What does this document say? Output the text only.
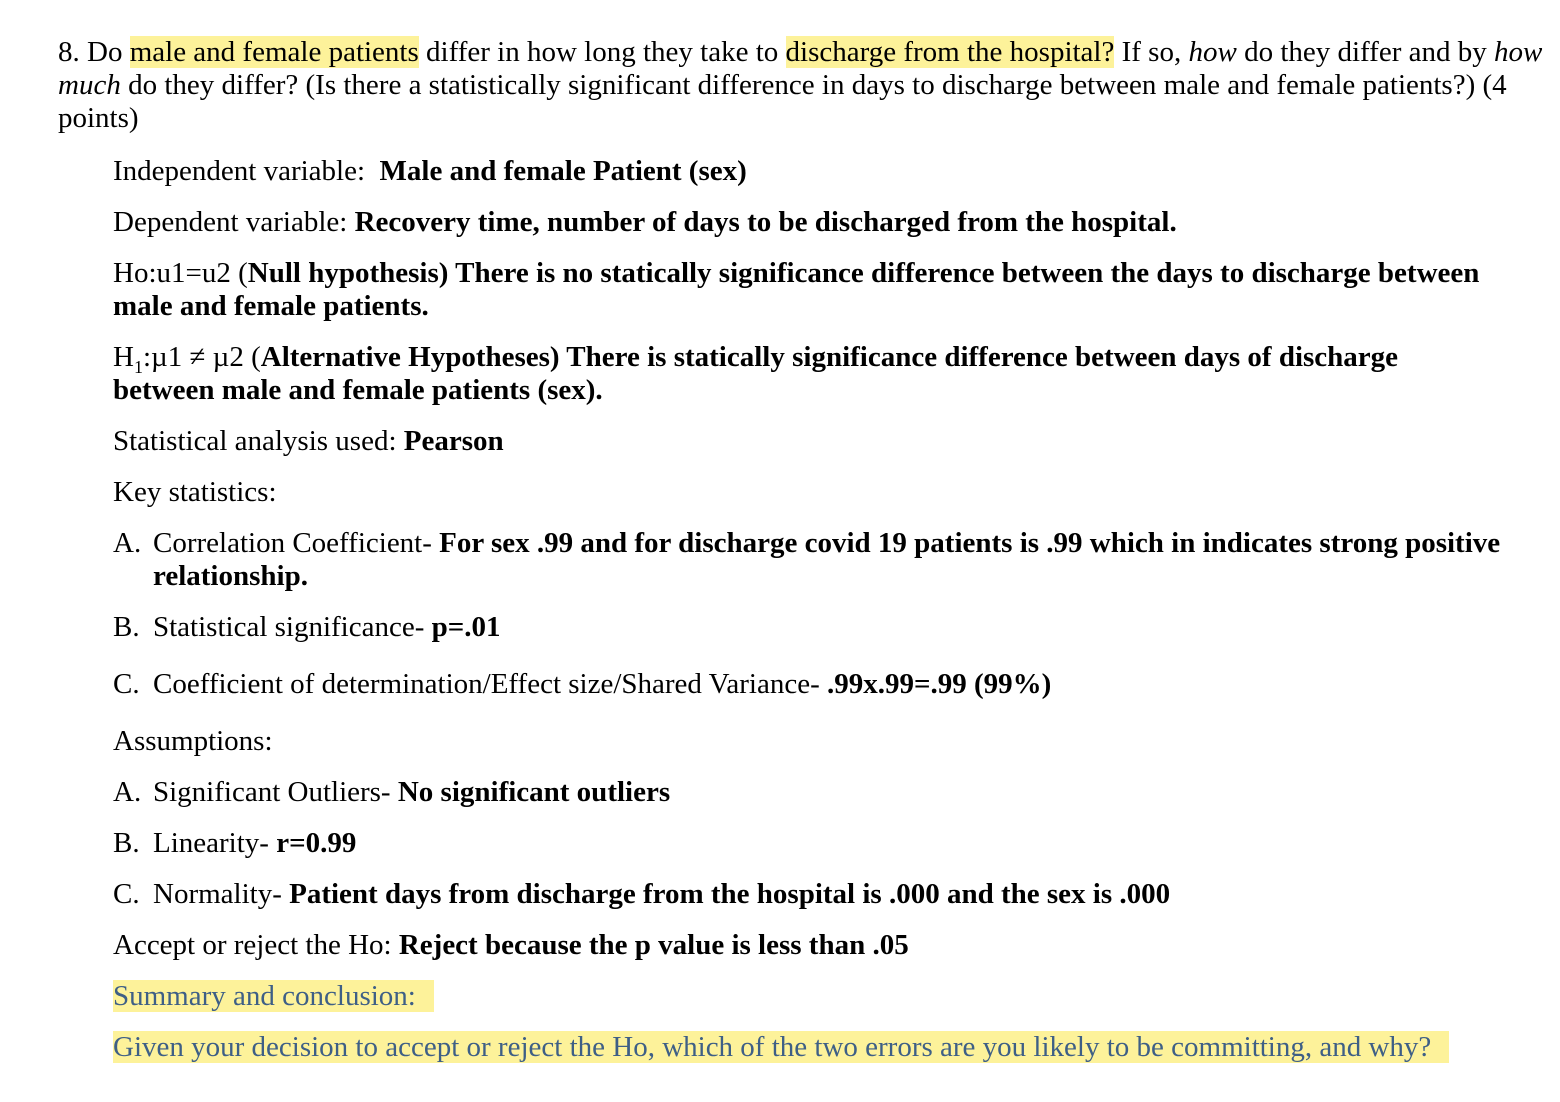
8. Do male and female patients differ in how long they take to discharge from the hospital? If so, how do they differ and by how much do they differ? (Is there a statistically significant difference in days to discharge between male and female patients?) (4 points)
Independent variable: Male and female Patient (sex)
Dependent variable: Recovery time, number of days to be discharged from the hospital.
Ho:u1=u2 (Null hypothesis) There is no statically significance difference between the days to discharge between male and female patients.
$H_1:\mu 1 \ne \mu 2$ (Alternative Hypotheses) There is statically significance difference between days of discharge between male and female patients (sex).
Statistical analysis used: Pearson
Key statistics:
A. Correlation Coefficient- For sex .99 and for discharge covid 19 patients is .99 which in indicates strong positive relationship.
B. Statistical significance- p=.01
C. Coefficient of determination/Effect size/Shared Variance- .99x.99=.99 (99%)
Assumptions:
A. Significant Outliers- No significant outliers
B. Linearity- r=0.99
C. Normality- Patient days from discharge from the hospital is .000 and the sex is .000
Accept or reject the Ho: Reject because the p value is less than .05
Summary and conclusion:
Given your decision to accept or reject the Ho, which of the two errors are you likely to be committing, and why?
